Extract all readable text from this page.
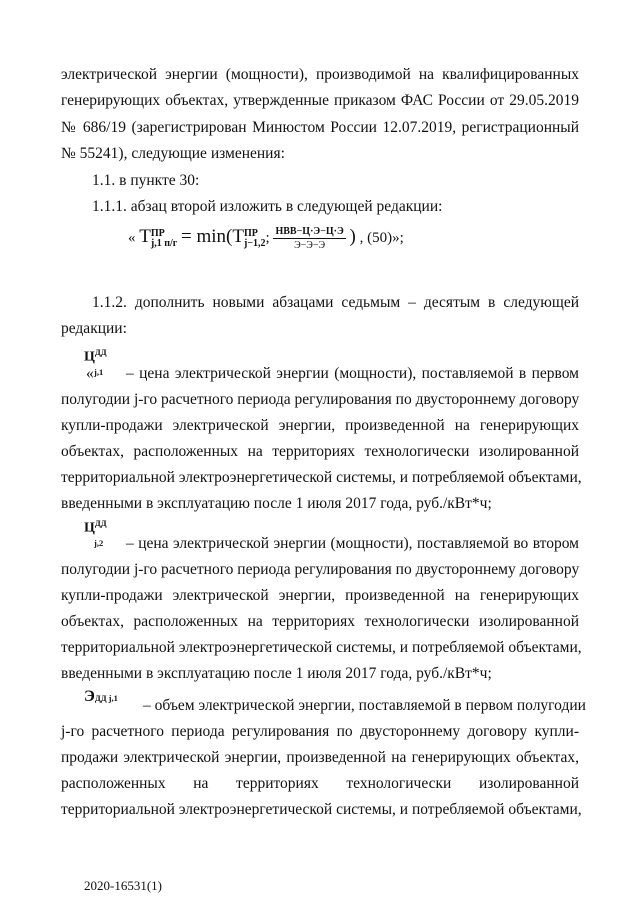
электрической энергии (мощности), производимой на квалифицированных
генерирующих объектах, утвержденные приказом ФАС России от 29.05.2019
№ 686/19 (зарегистрирован Минюстом России 12.07.2019, регистрационный
№ 55241), следующие изменения:
1.1. в пункте 30:
1.1.1. абзац второй изложить в следующей редакции:
« T ПР
j,1 п/г = min(T ПР
j−1,2 ; $\frac{\text{НВВ−Ц·Э−Ц·Э}}{Э-Э-Э}$ ) , (50)»;
1.1.2. дополнить новыми абзацами седьмым – десятым в следующей
редакции:
$Ц^{ДД}$
j,1
«	– цена электрической энергии (мощности), поставляемой в первом
полугодии j-го расчетного периода регулирования по двустороннему договору
купли-продажи электрической энергии, произведенной на генерирующих
объектах, расположенных на территориях технологически изолированной
территориальной электроэнергетической системы, и потребляемой объектами,
введенными в эксплуатацию после 1 июля 2017 года, руб./кВт*ч;
$Ц^{ДД}$
j,2 – цена электрической энергии (мощности), поставляемой во втором
полугодии j-го расчетного периода регулирования по двустороннему договору
купли-продажи электрической энергии, произведенной на генерирующих
объектах, расположенных на территориях технологически изолированной
территориальной электроэнергетической системы, и потребляемой объектами,
введенными в эксплуатацию после 1 июля 2017 года, руб./кВт*ч;
ЭДД j,1 – объем электрической энергии, поставляемой в первом полугодии
j-го расчетного периода регулирования по двустороннему договору купли-
продажи электрической энергии, произведенной на генерирующих объектах,
расположенных на территориях технологически изолированной
территориальной электроэнергетической системы, и потребляемой объектами,
2020-16531(1)
